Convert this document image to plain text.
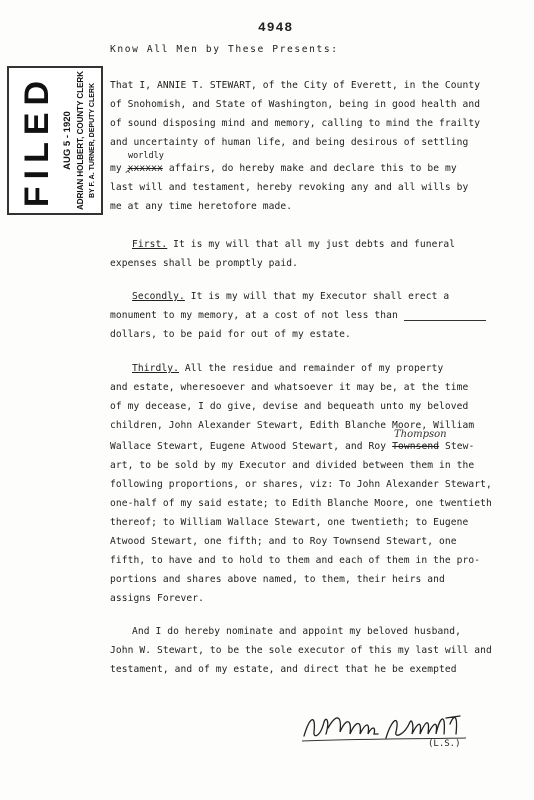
4948
FILED AUG 5 - 1920 ADRIAN HOLBERT, COUNTY CLERK BY F. A. TURNER, DEPUTY CLERK
Know All Men by These Presents:
That I, ANNIE T. STEWART, of the City of Everett, in the County
of Snohomish, and State of Washington, being in good health and
of sound disposing mind and memory, calling to mind the frailty
and uncertainty of human life, and being desirous of settling
worldly
my
^
xxxxxx affairs, do hereby make and declare this to be my
last will and testament, hereby revoking any and all wills by
me at any time heretofore made.
First. It is my will that all my just debts and funeral
expenses shall be promptly paid.
Secondly. It is my will that my Executor shall erect a
monument to my memory, at a cost of not less than
dollars, to be paid for out of my estate.
Thirdly. All the residue and remainder of my property
and estate, wheresoever and whatsoever it may be, at the time
of my decease, I do give, devise and bequeath unto my beloved
children, John Alexander Stewart, Edith Blanche Moore, William
Thompson
Wallace Stewart, Eugene Atwood Stewart, and Roy Townsend Stew-
art, to be sold by my Executor and divided between them in the
following proportions, or shares, viz: To John Alexander Stewart,
one-half of my said estate; to Edith Blanche Moore, one twentieth
thereof; to William Wallace Stewart, one twentieth; to Eugene
Atwood Stewart, one fifth; and to Roy Townsend Stewart, one
fifth, to have and to hold to them and each of them in the pro-
portions and shares above named, to them, their heirs and
assigns Forever.
And I do hereby nominate and appoint my beloved husband,
John W. Stewart, to be the sole executor of this my last will and
testament, and of my estate, and direct that he be exempted
(L.S.)
